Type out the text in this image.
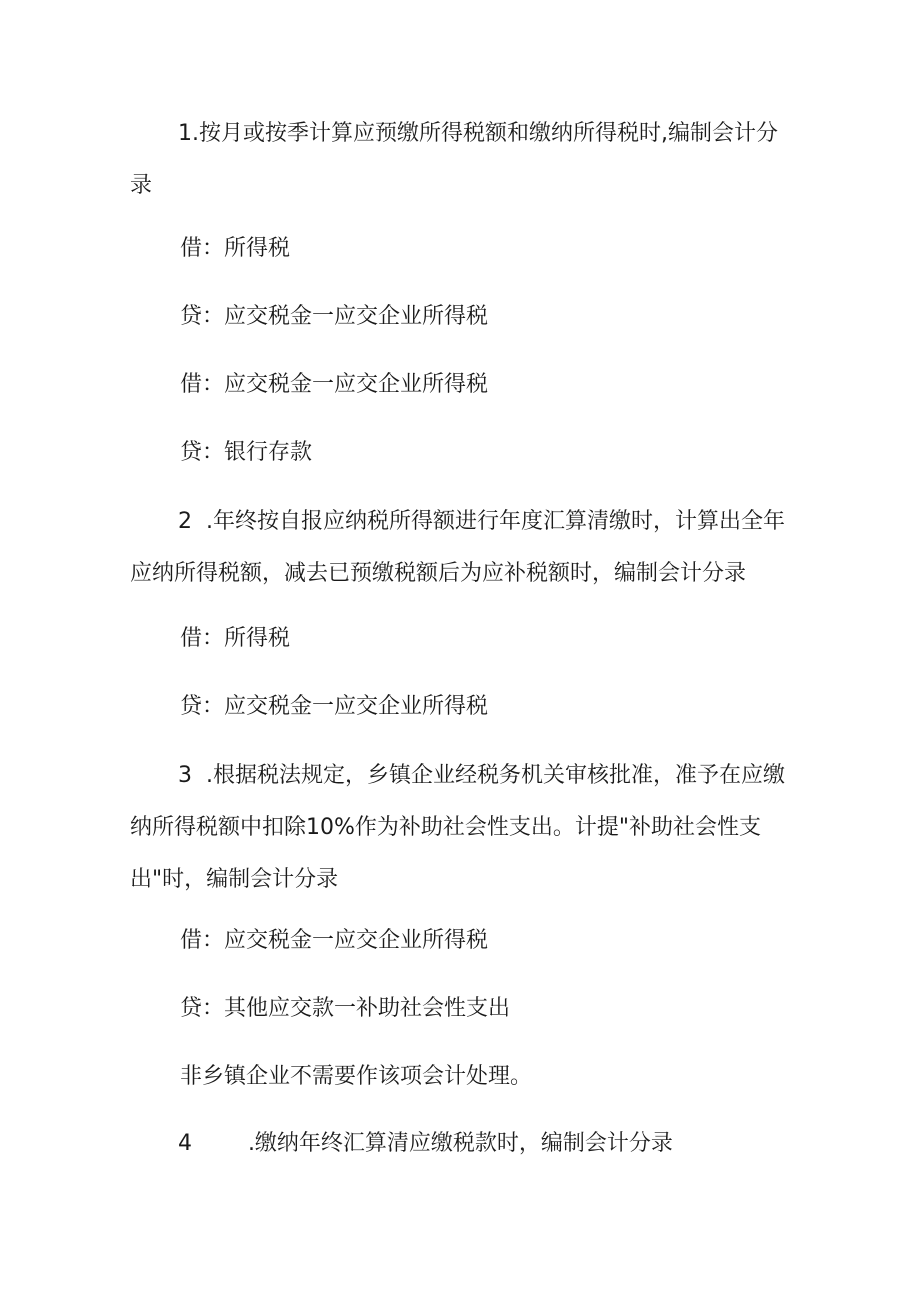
1.按月或按季计算应预缴所得税额和缴纳所得税时,编制会计分录
借：所得税
贷：应交税金一应交企业所得税
借：应交税金一应交企业所得税
贷：银行存款
2  .年终按自报应纳税所得额进行年度汇算清缴时，计算出全年应纳所得税额，减去已预缴税额后为应补税额时，编制会计分录
借：所得税
贷：应交税金一应交企业所得税
3  .根据税法规定，乡镇企业经税务机关审核批准，准予在应缴纳所得税额中扣除10%作为补助社会性支出。计提"补助社会性支出"时，编制会计分录
借：应交税金一应交企业所得税
贷：其他应交款一补助社会性支出
非乡镇企业不需要作该项会计处理。
4        .缴纳年终汇算清应缴税款时，编制会计分录
